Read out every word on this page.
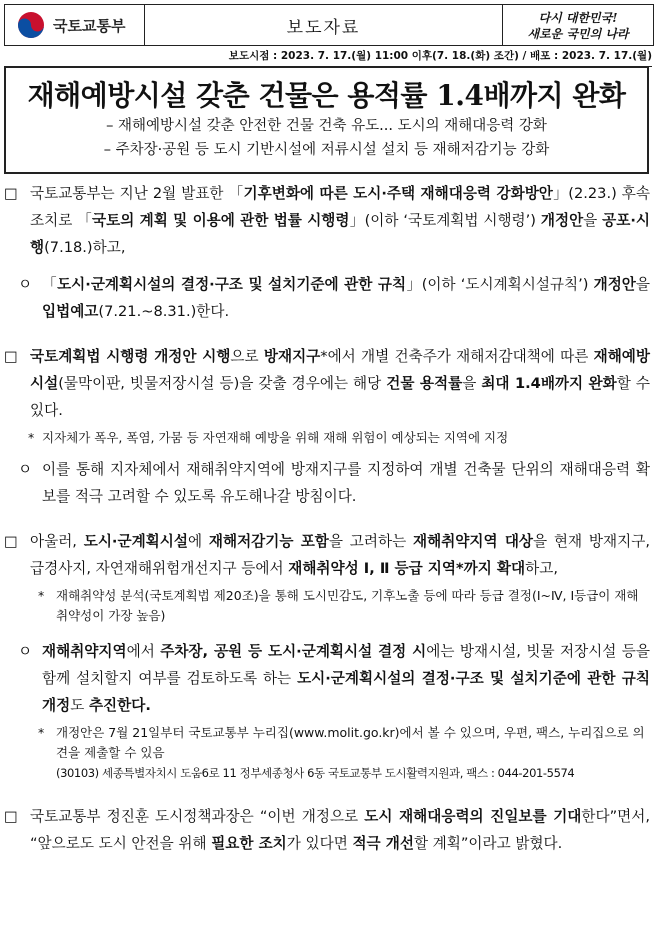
국토교통부	보도자료	다시 대한민국!
새로운 국민의 나라
보도시점 : 2023. 7. 17.(월) 11:00 이후(7. 18.(화) 조간) / 배포 : 2023. 7. 17.(월)
재해예방시설 갖춘 건물은 용적률 1.4배까지 완화
– 재해예방시설 갖춘 안전한 건물 건축 유도... 도시의 재해대응력 강화
– 주차장·공원 등 도시 기반시설에 저류시설 설치 등 재해저감기능 강화

□ 국토교통부는 지난 2월 발표한 「기후변화에 따른 도시·주택 재해대응력 강화방안」(2.23.) 후속조치로 「국토의 계획 및 이용에 관한 법률 시행령」(이하 ‘국토계획법 시행령’) 개정안을 공포·시행(7.18.)하고,

ㅇ 「도시·군계획시설의 결정·구조 및 설치기준에 관한 규칙」(이하 ‘도시계획시설규칙’) 개정안을 입법예고(7.21.~8.31.)한다.

□ 국토계획법 시행령 개정안 시행으로 방재지구*에서 개별 건축주가 재해저감대책에 따른 재해예방시설(물막이판, 빗물저장시설 등)을 갖출 경우에는 해당 건물 용적률을 최대 1.4배까지 완화할 수 있다.

* 지자체가 폭우, 폭염, 가뭄 등 자연재해 예방을 위해 재해 위험이 예상되는 지역에 지정

ㅇ 이를 통해 지자체에서 재해취약지역에 방재지구를 지정하여 개별 건축물 단위의 재해대응력 확보를 적극 고려할 수 있도록 유도해나갈 방침이다.

□ 아울러, 도시·군계획시설에 재해저감기능 포함을 고려하는 재해취약지역 대상을 현재 방재지구, 급경사지, 자연재해위험개선지구 등에서 재해취약성 Ⅰ, Ⅱ 등급 지역*까지 확대하고,

* 재해취약성 분석(국토계획법 제20조)을 통해 도시민감도, 기후노출 등에 따라 등급 결정(Ⅰ~Ⅳ, Ⅰ등급이 재해취약성이 가장 높음)

ㅇ 재해취약지역에서 주차장, 공원 등 도시·군계획시설 결정 시에는 방재시설, 빗물 저장시설 등을 함께 설치할지 여부를 검토하도록 하는 도시·군계획시설의 결정·구조 및 설치기준에 관한 규칙 개정도 추진한다.

* 개정안은 7월 21일부터 국토교통부 누리집(www.molit.go.kr)에서 볼 수 있으며, 우편, 팩스, 누리집으로 의견을 제출할 수 있음
(30103) 세종특별자치시 도움6로 11 정부세종청사 6동 국토교통부 도시활력지원과, 팩스 : 044-201-5574

□ 국토교통부 정진훈 도시정책과장은 “이번 개정으로 도시 재해대응력의 진일보를 기대한다”면서, “앞으로도 도시 안전을 위해 필요한 조치가 있다면 적극 개선할 계획”이라고 밝혔다.
